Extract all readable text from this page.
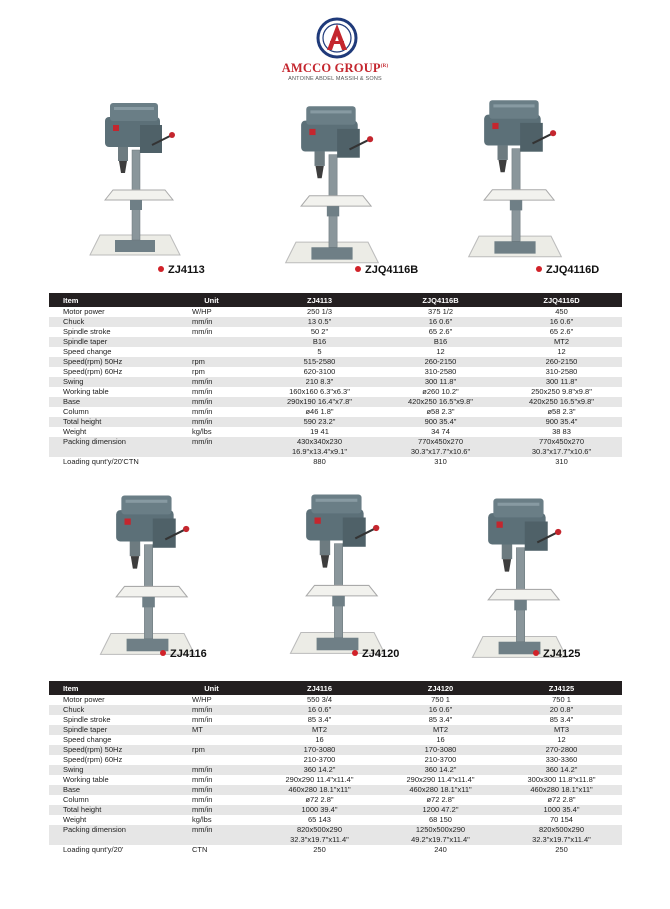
AMCCO $GROUP^{(R)}$
ANTOINE ABDEL MASSIH & SONS
ZJ4113	ZJQ4116B	ZJQ4116D
Item	Unit	ZJ4113	ZJQ4116B	ZJQ4116D
Motor power	W/HP	250 1/3	375 1/2	450
Chuck	mm/in	13 0.5"	16 0.6"	16 0.6"
Spindle stroke	mm/in	50 2"	65 2.6"	65 2.6"
Spindle taper		B16	B16	MT2
Speed change		5	12	12
Speed(rpm) 50Hz	rpm	515-2580	260-2150	260-2150
Speed(rpm) 60Hz	rpm	620-3100	310-2580	310-2580
Swing	mm/in	210 8.3"	300 11.8"	300 11.8"
Working table	mm/in	160x160 6.3"x6.3"	ø260 10.2"	250x250 9.8"x9.8"
Base	mm/in	290x190 16.4"x7.8"	420x250 16.5"x9.8"	420x250 16.5"x9.8"
Column	mm/in	ø46 1.8"	ø58 2.3"	ø58 2.3"
Total height	mm/in	590 23.2"	900 35.4"	900 35.4"
Weight	kg/lbs	19 41	34 74	38 83
Packing dimension	mm/in	430x340x230	770x450x270	770x450x270
		16.9"x13.4"x9.1"	30.3"x17.7"x10.6"	30.3"x17.7"x10.6"
Loading qunt'y/20'CTN		880	310	310
ZJ4116	ZJ4120	ZJ4125
Item	Unit	ZJ4116	ZJ4120	ZJ4125
Motor power	W/HP	550 3/4	750 1	750 1
Chuck	mm/in	16 0.6"	16 0.6"	20 0.8"
Spindle stroke	mm/in	85 3.4"	85 3.4"	85 3.4"
Spindle taper	MT	MT2	MT2	MT3
Speed change		16	16	12
Speed(rpm) 50Hz	rpm	170-3080	170-3080	270-2800
Speed(rpm) 60Hz		210-3700	210-3700	330-3360
Swing	mm/in	360 14.2"	360 14.2"	360 14.2"
Working table	mm/in	290x290 11.4"x11.4"	290x290 11.4"x11.4"	300x300 11.8"x11.8"
Base	mm/in	460x280 18.1"x11"	460x280 18.1"x11"	460x280 18.1"x11"
Column	mm/in	ø72 2.8"	ø72 2.8"	ø72 2.8"
Total height	mm/in	1000 39.4"	1200 47.2"	1000 35.4"
Weight	kg/lbs	65 143	68 150	70 154
Packing dimension	mm/in	820x500x290	1250x500x290	820x500x290
		32.3"x19.7"x11.4"	49.2"x19.7"x11.4"	32.3"x19.7"x11.4"
Loading qunt'y/20'	CTN	250	240	250
